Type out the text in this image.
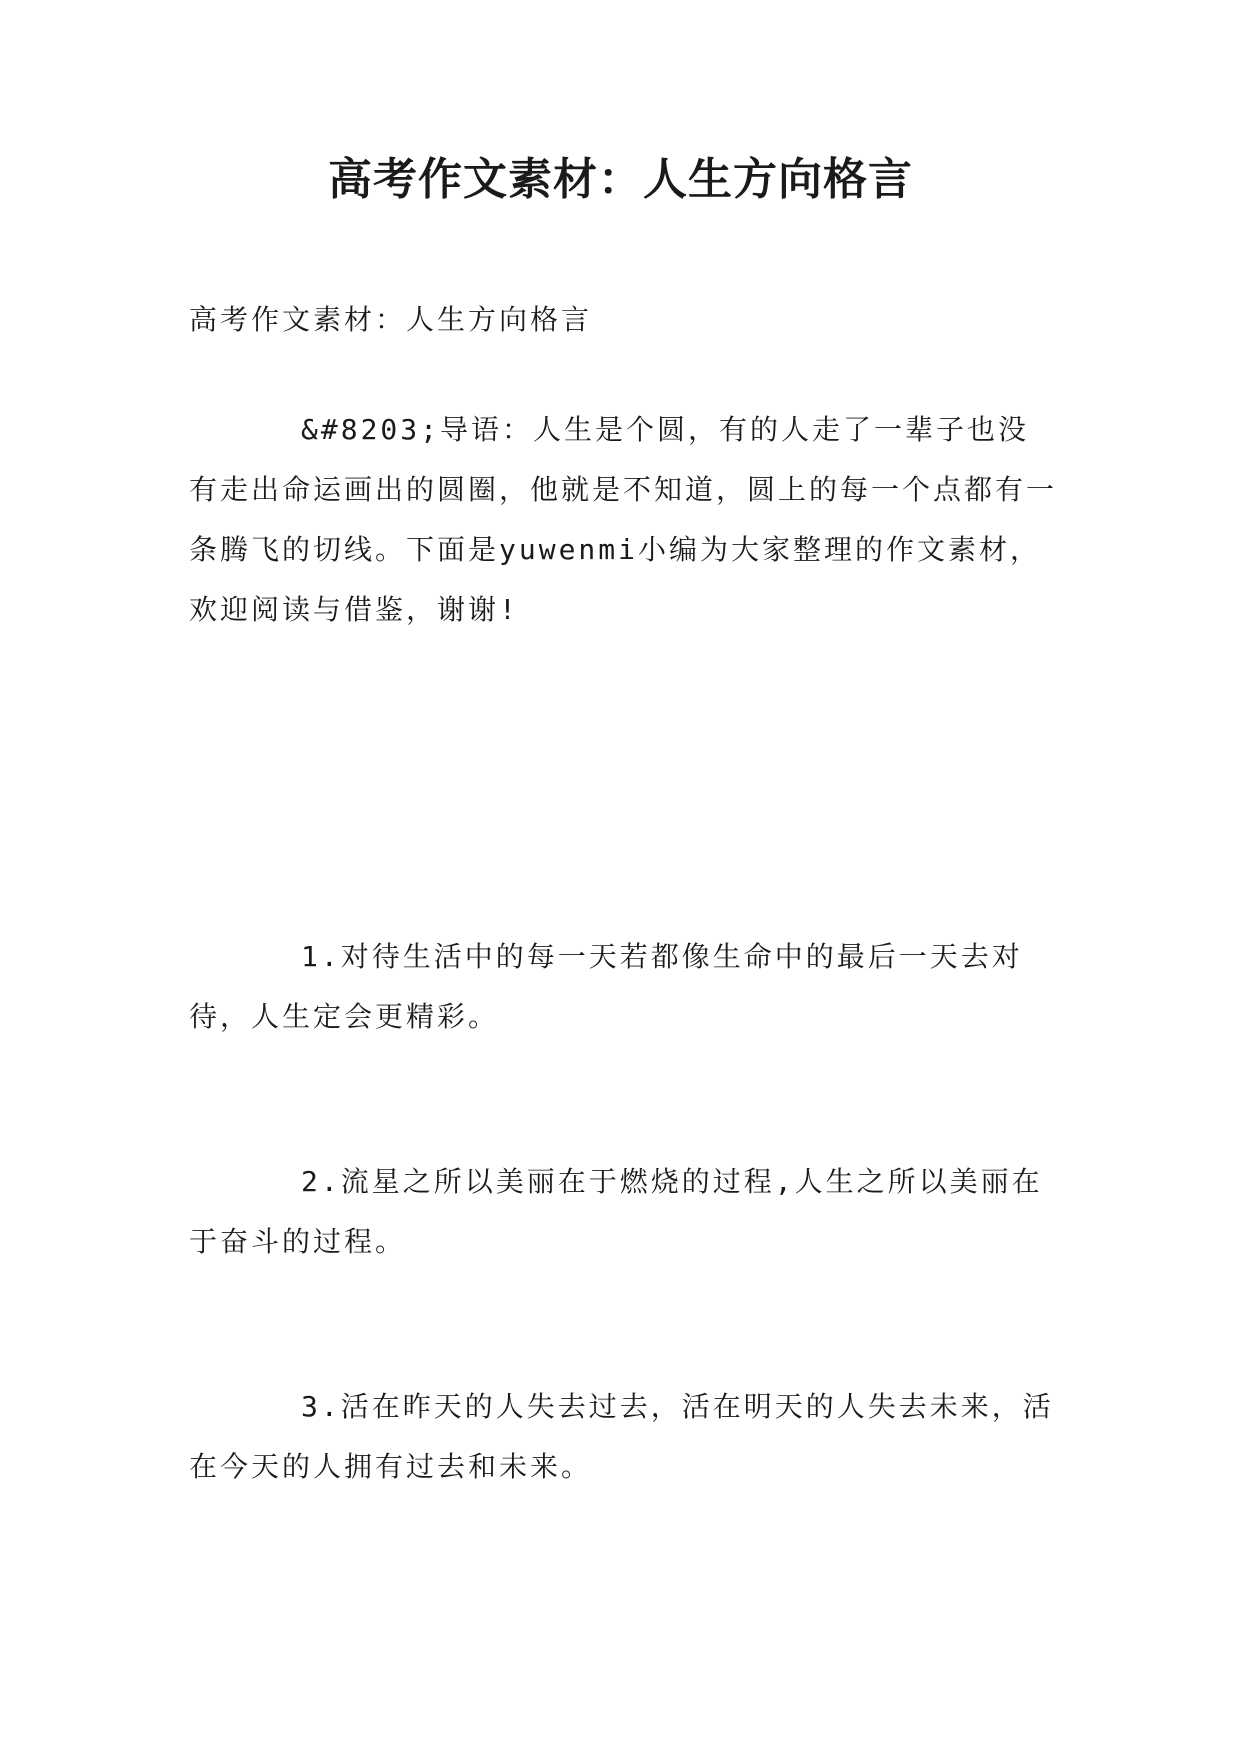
高考作文素材：人生方向格言

高考作文素材：人生方向格言

&#8203;导语：人生是个圆，有的人走了一辈子也没有走出命运画出的圆圈，他就是不知道，圆上的每一个点都有一条腾飞的切线。下面是yuwenmi小编为大家整理的作文素材，欢迎阅读与借鉴，谢谢!

1.对待生活中的每一天若都像生命中的最后一天去对待，人生定会更精彩。

2.流星之所以美丽在于燃烧的过程,人生之所以美丽在于奋斗的过程。

3.活在昨天的人失去过去，活在明天的人失去未来，活在今天的人拥有过去和未来。
